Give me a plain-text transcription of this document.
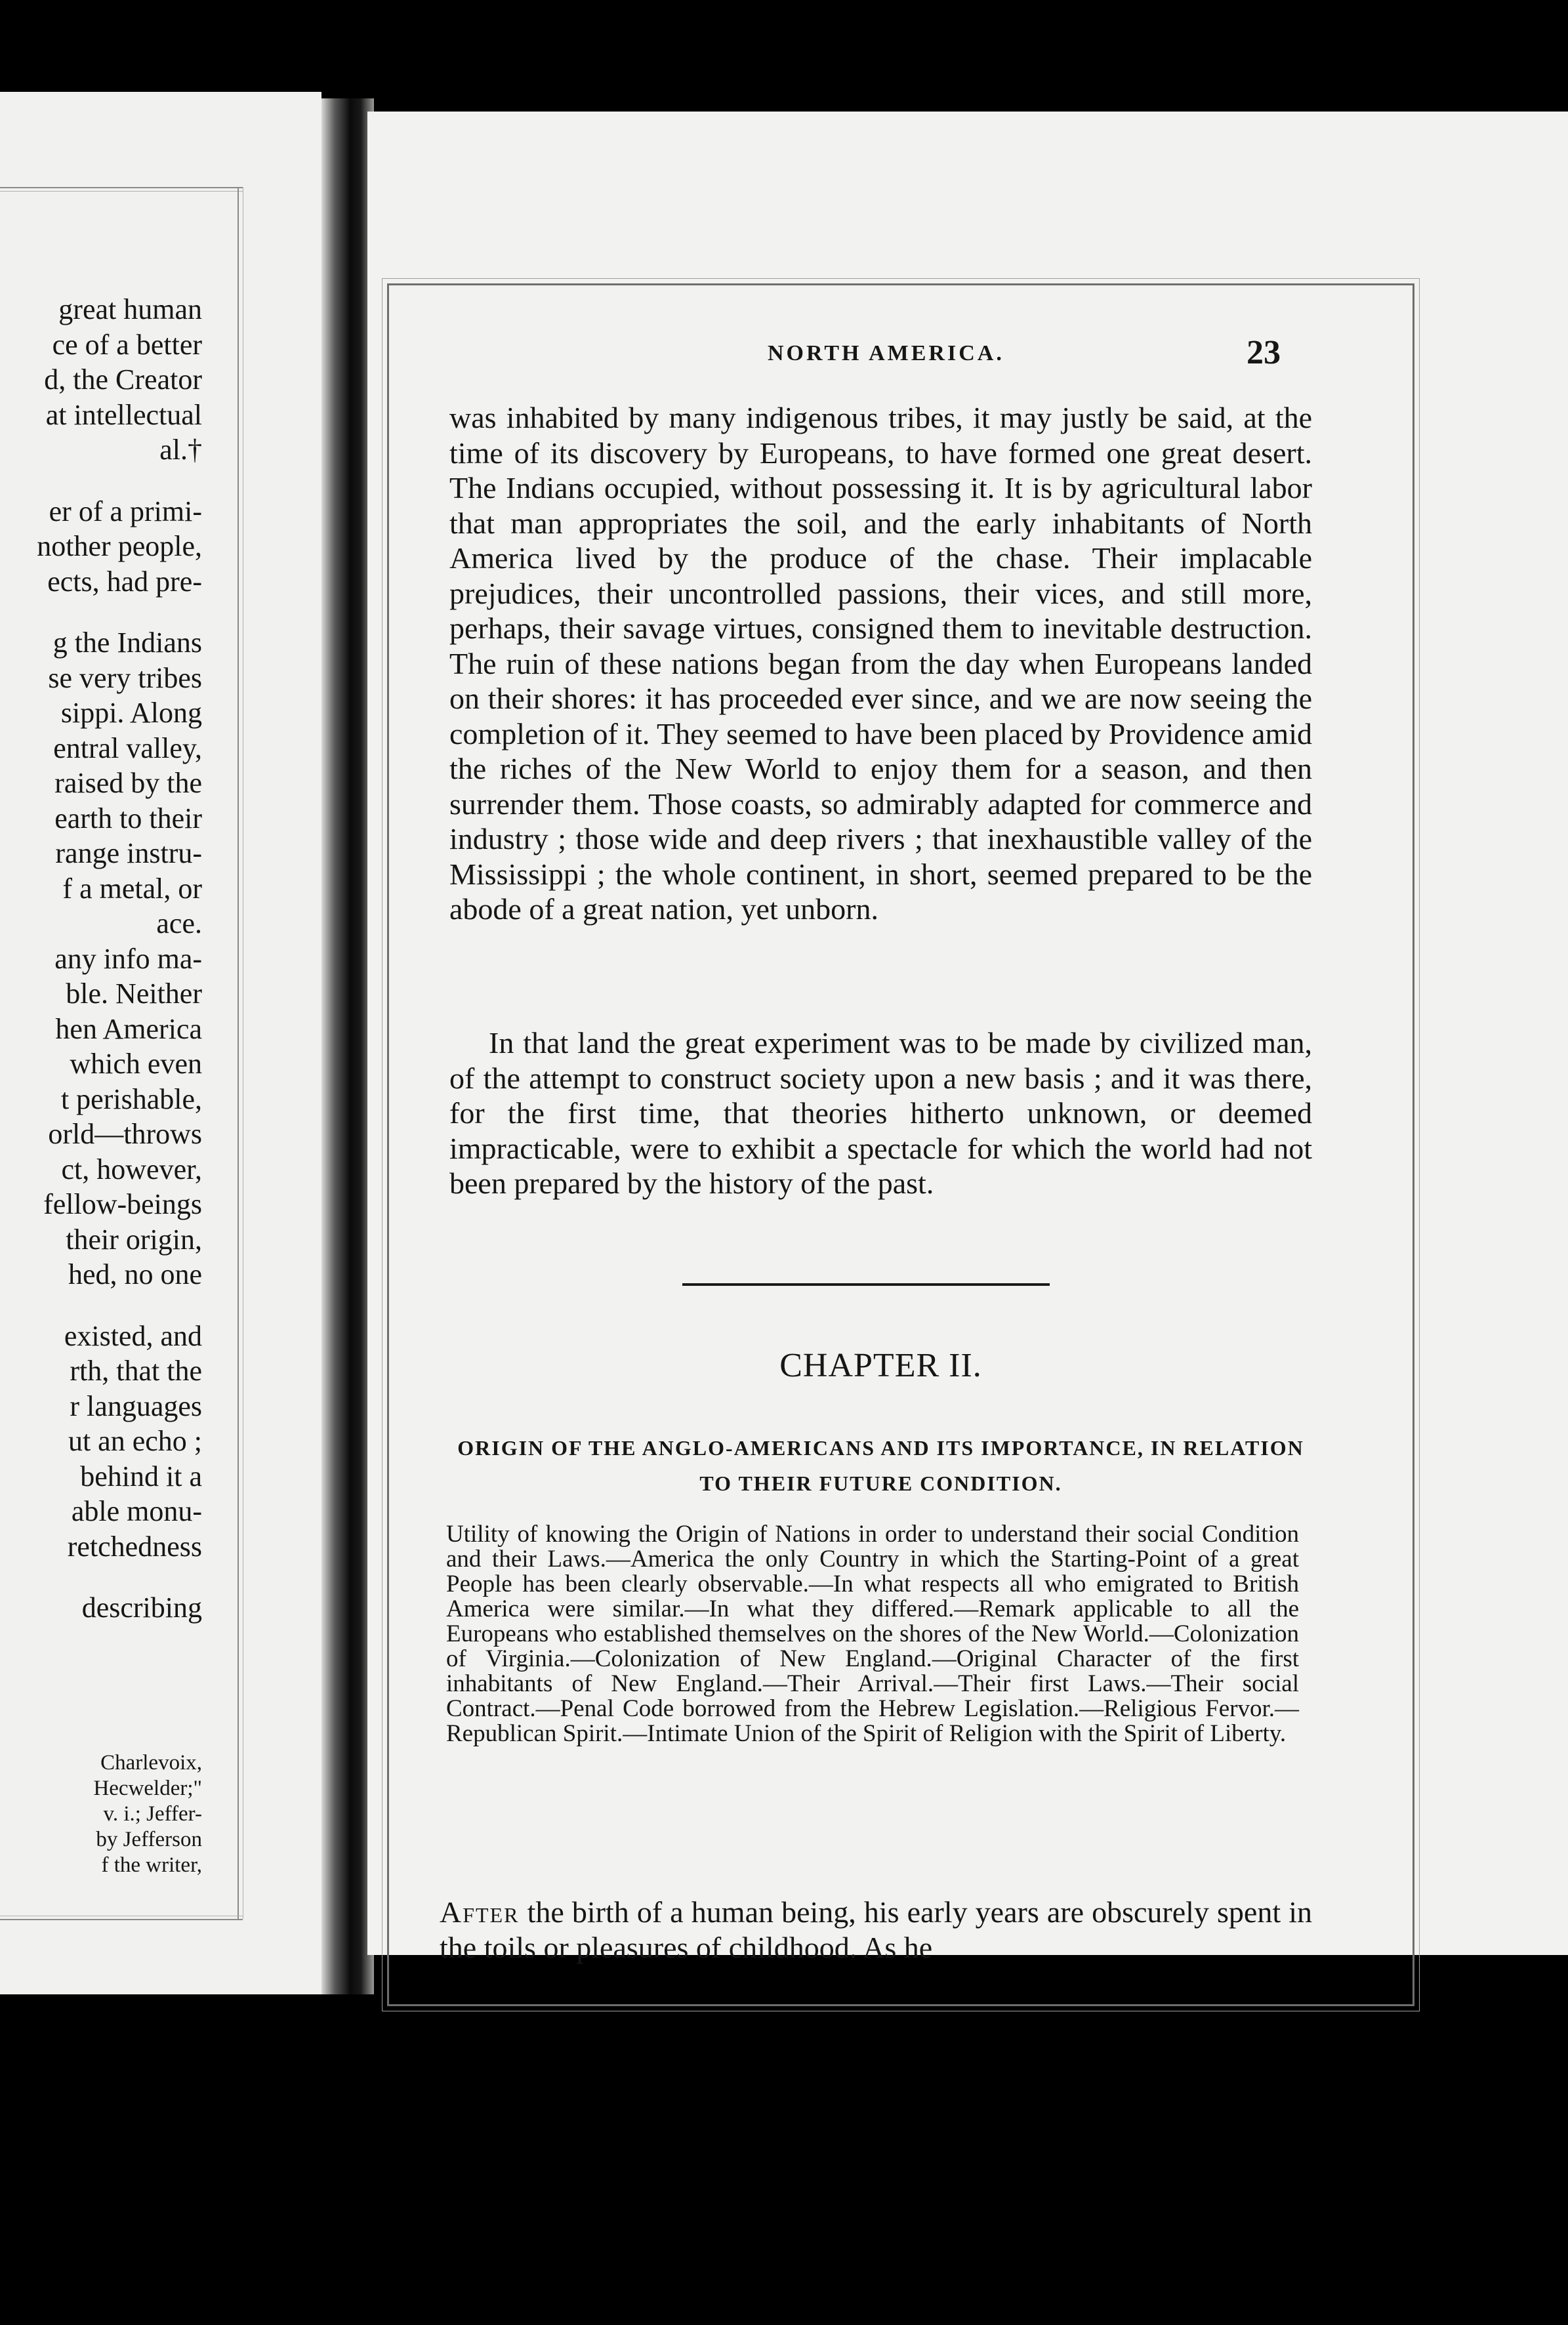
great human

ce of a better

d, the Creator

at intellectual

al.†

er of a primi-

nother people,

ects, had pre-

g the Indians

se very tribes

sippi. Along

entral valley,

raised by the

earth to their

range instru-

f a metal, or

ace.

any info ma-

ble. Neither

hen America

which even

t perishable,

orld—throws

ct, however,

fellow-beings

their origin,

hed, no one

existed, and

rth, that the

r languages

ut an echo ;

behind it a

able monu-

retchedness

describing

Charlevoix,

Hecwelder;"

v. i.; Jeffer-

by Jefferson

f the writer,

NORTH AMERICA.	23

was inhabited by many indigenous tribes, it may justly be said, at the time of its discovery by Europeans, to have formed one great desert. The Indians occupied, without possessing it. It is by agricultural labor that man appropriates the soil, and the early inhabitants of North America lived by the produce of the chase. Their implacable prejudices, their uncontrolled passions, their vices, and still more, perhaps, their savage virtues, consigned them to inevitable destruction. The ruin of these nations began from the day when Europeans landed on their shores: it has proceeded ever since, and we are now seeing the completion of it. They seemed to have been placed by Providence amid the riches of the New World to enjoy them for a season, and then surrender them. Those coasts, so admirably adapted for commerce and industry ; those wide and deep rivers ; that inexhaustible valley of the Mississippi ; the whole continent, in short, seemed prepared to be the abode of a great nation, yet unborn.

In that land the great experiment was to be made by civilized man, of the attempt to construct society upon a new basis ; and it was there, for the first time, that theories hitherto unknown, or deemed impracticable, were to exhibit a spectacle for which the world had not been prepared by the history of the past.

CHAPTER II.

ORIGIN OF THE ANGLO-AMERICANS AND ITS IMPORTANCE, IN RELATION TO THEIR FUTURE CONDITION.

Utility of knowing the Origin of Nations in order to understand their social Condition and their Laws.—America the only Country in which the Starting-Point of a great People has been clearly observable.—In what respects all who emigrated to British America were similar.—In what they differed.—Remark applicable to all the Europeans who established themselves on the shores of the New World.—Colonization of Virginia.—Colonization of New England.—Original Character of the first inhabitants of New England.—Their Arrival.—Their first Laws.—Their social Contract.—Penal Code borrowed from the Hebrew Legislation.—Religious Fervor.—Republican Spirit.—Intimate Union of the Spirit of Religion with the Spirit of Liberty.

After the birth of a human being, his early years are obscurely spent in the toils or pleasures of childhood. As he
